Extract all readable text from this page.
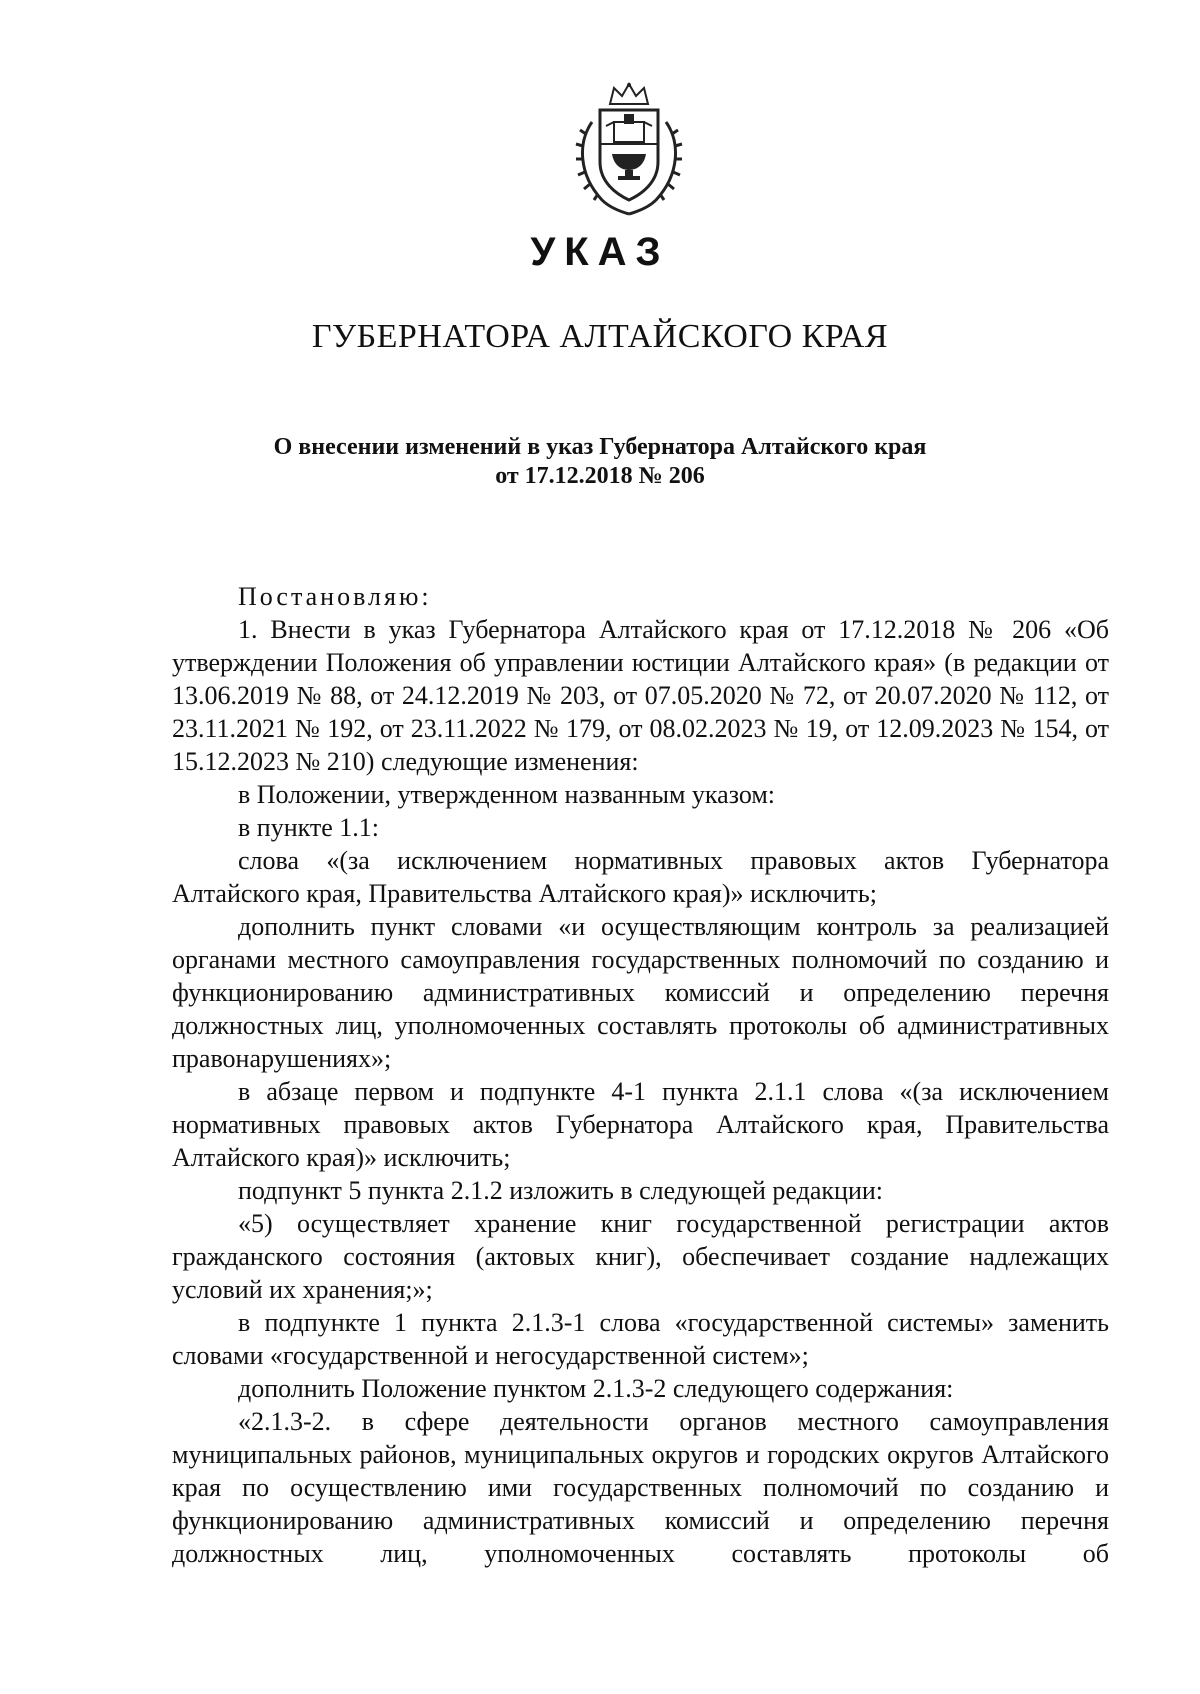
УКАЗ
ГУБЕРНАТОРА АЛТАЙСКОГО КРАЯ
О внесении изменений в указ Губернатора Алтайского края
от 17.12.2018 № 206

Постановляю:

1. Внести в указ Губернатора Алтайского края от 17.12.2018 № 206 «Об утверждении Положения об управлении юстиции Алтайского края» (в редакции от 13.06.2019 № 88, от 24.12.2019 № 203, от 07.05.2020 № 72, от 20.07.2020 № 112, от 23.11.2021 № 192, от 23.11.2022 № 179, от 08.02.2023 № 19, от 12.09.2023 № 154, от 15.12.2023 № 210) следующие изменения:

в Положении, утвержденном названным указом:

в пункте 1.1:

слова «(за исключением нормативных правовых актов Губернатора Алтайского края, Правительства Алтайского края)» исключить;

дополнить пункт словами «и осуществляющим контроль за реализацией органами местного самоуправления государственных полномочий по созданию и функционированию административных комиссий и определению перечня должностных лиц, уполномоченных составлять протоколы об административных правонарушениях»;

в абзаце первом и подпункте 4-1 пункта 2.1.1 слова «(за исключением нормативных правовых актов Губернатора Алтайского края, Правительства Алтайского края)» исключить;

подпункт 5 пункта 2.1.2 изложить в следующей редакции:

«5) осуществляет хранение книг государственной регистрации актов гражданского состояния (актовых книг), обеспечивает создание надлежащих условий их хранения;»;

в подпункте 1 пункта 2.1.3-1 слова «государственной системы» заменить словами «государственной и негосударственной систем»;

дополнить Положение пунктом 2.1.3-2 следующего содержания:

«2.1.3-2. в сфере деятельности органов местного самоуправления муниципальных районов, муниципальных округов и городских округов Алтайского края по осуществлению ими государственных полномочий по созданию и функционированию административных комиссий и определению перечня должностных лиц, уполномоченных составлять протоколы об
